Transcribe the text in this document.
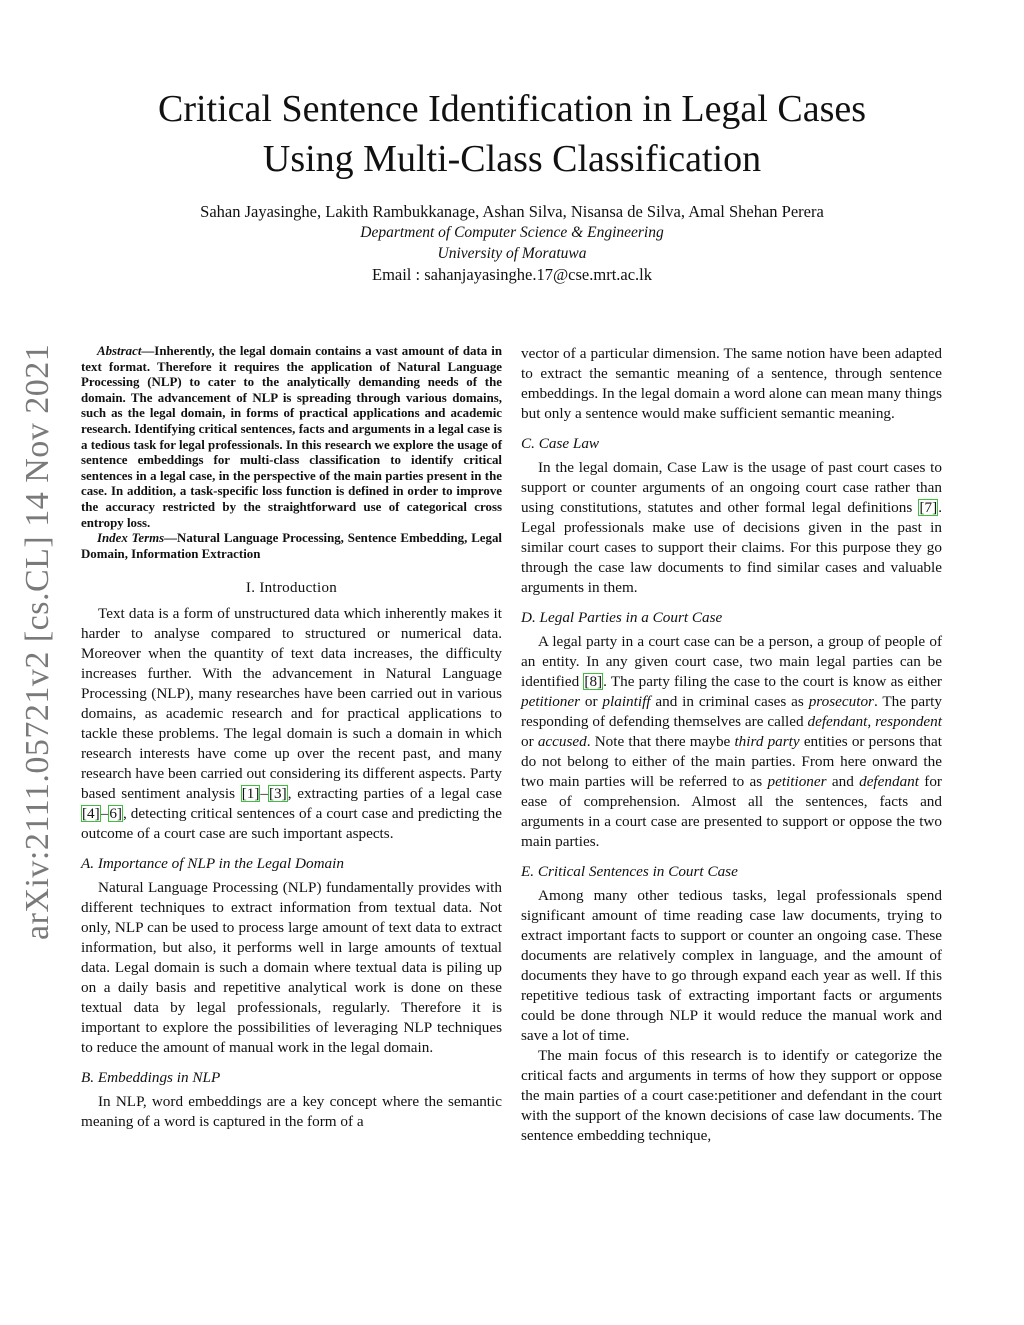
arXiv:2111.05721v2 [cs.CL] 14 Nov 2021
Critical Sentence Identification in Legal Cases
Using Multi-Class Classification
Sahan Jayasinghe, Lakith Rambukkanage, Ashan Silva, Nisansa de Silva, Amal Shehan Perera
Department of Computer Science & Engineering
University of Moratuwa
Email : sahanjayasinghe.17@cse.mrt.ac.lk

Abstract—Inherently, the legal domain contains a vast amount of data in text format. Therefore it requires the application of Natural Language Processing (NLP) to cater to the analytically demanding needs of the domain. The advancement of NLP is spreading through various domains, such as the legal domain, in forms of practical applications and academic research. Identifying critical sentences, facts and arguments in a legal case is a tedious task for legal professionals. In this research we explore the usage of sentence embeddings for multi-class classification to identify critical sentences in a legal case, in the perspective of the main parties present in the case. In addition, a task-specific loss function is defined in order to improve the accuracy restricted by the straightforward use of categorical cross entropy loss.

Index Terms—Natural Language Processing, Sentence Embedding, Legal Domain, Information Extraction

I. Introduction

Text data is a form of unstructured data which inherently makes it harder to analyse compared to structured or numerical data. Moreover when the quantity of text data increases, the difficulty increases further. With the advancement in Natural Language Processing (NLP), many researches have been carried out in various domains, as academic research and for practical applications to tackle these problems. The legal domain is such a domain in which research interests have come up over the recent past, and many research have been carried out considering its different aspects. Party based sentiment analysis [1]–[3], extracting parties of a legal case [4]–6], detecting critical sentences of a court case and predicting the outcome of a court case are such important aspects.

A. Importance of NLP in the Legal Domain

Natural Language Processing (NLP) fundamentally provides with different techniques to extract information from textual data. Not only, NLP can be used to process large amount of text data to extract information, but also, it performs well in large amounts of textual data. Legal domain is such a domain where textual data is piling up on a daily basis and repetitive analytical work is done on these textual data by legal professionals, regularly. Therefore it is important to explore the possibilities of leveraging NLP techniques to reduce the amount of manual work in the legal domain.

B. Embeddings in NLP

In NLP, word embeddings are a key concept where the semantic meaning of a word is captured in the form of a

vector of a particular dimension. The same notion have been adapted to extract the semantic meaning of a sentence, through sentence embeddings. In the legal domain a word alone can mean many things but only a sentence would make sufficient semantic meaning.

C. Case Law

In the legal domain, Case Law is the usage of past court cases to support or counter arguments of an ongoing court case rather than using constitutions, statutes and other formal legal definitions [7]. Legal professionals make use of decisions given in the past in similar court cases to support their claims. For this purpose they go through the case law documents to find similar cases and valuable arguments in them.

D. Legal Parties in a Court Case

A legal party in a court case can be a person, a group of people of an entity. In any given court case, two main legal parties can be identified [8]. The party filing the case to the court is know as either petitioner or plaintiff and in criminal cases as prosecutor. The party responding of defending themselves are called defendant, respondent or accused. Note that there maybe third party entities or persons that do not belong to either of the main parties. From here onward the two main parties will be referred to as petitioner and defendant for ease of comprehension. Almost all the sentences, facts and arguments in a court case are presented to support or oppose the two main parties.

E. Critical Sentences in Court Case

Among many other tedious tasks, legal professionals spend significant amount of time reading case law documents, trying to extract important facts to support or counter an ongoing case. These documents are relatively complex in language, and the amount of documents they have to go through expand each year as well. If this repetitive tedious task of extracting important facts or arguments could be done through NLP it would reduce the manual work and save a lot of time.

The main focus of this research is to identify or categorize the critical facts and arguments in terms of how they support or oppose the main parties of a court case:petitioner and defendant in the court with the support of the known decisions of case law documents. The sentence embedding technique,
